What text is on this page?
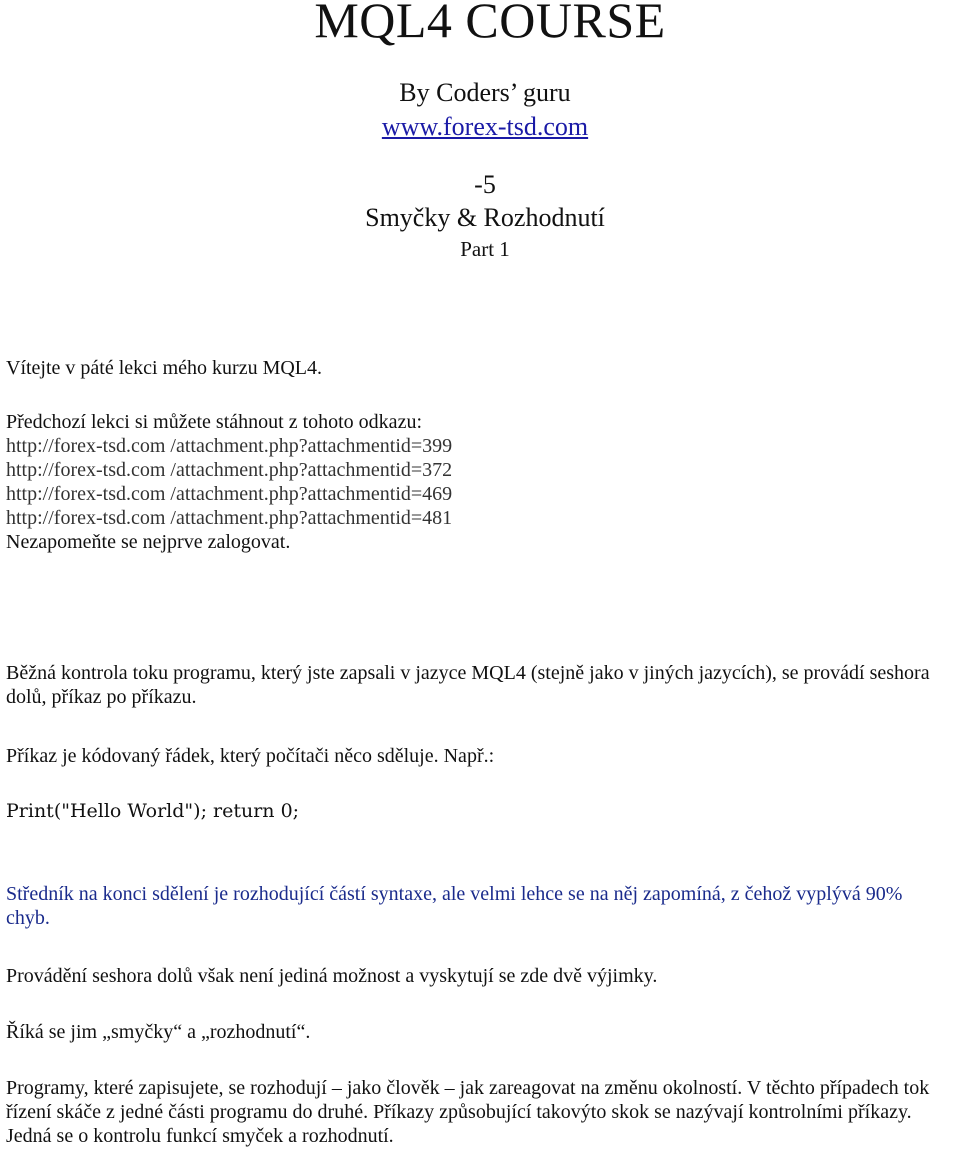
MQL4 COURSE
By Coders’ guru
www.forex-tsd.com
-5
Smyčky & Rozhodnutí
Part 1
Vítejte v páté lekci mého kurzu MQL4.
Předchozí lekci si můžete stáhnout z tohoto odkazu:
http://forex-tsd.com /attachment.php?attachmentid=399
http://forex-tsd.com /attachment.php?attachmentid=372
http://forex-tsd.com /attachment.php?attachmentid=469
http://forex-tsd.com /attachment.php?attachmentid=481
Nezapomeňte se nejprve zalogovat.
Běžná kontrola toku programu, který jste zapsali v jazyce MQL4 (stejně jako v jiných jazycích), se provádí seshora dolů, příkaz po příkazu.
Příkaz je kódovaný řádek, který počítači něco sděluje. Např.:
Print("Hello World"); return 0;
Středník na konci sdělení je rozhodující částí syntaxe, ale velmi lehce se na něj zapomíná, z čehož vyplývá 90% chyb.
Provádění seshora dolů však není jediná možnost a vyskytují se zde dvě výjimky.
Říká se jim „smyčky“ a „rozhodnutí“.
Programy, které zapisujete, se rozhodují – jako člověk – jak zareagovat na změnu okolností. V těchto případech tok řízení skáče z jedné části programu do druhé. Příkazy způsobující takovýto skok se nazývají kontrolními příkazy. Jedná se o kontrolu funkcí smyček a rozhodnutí.
